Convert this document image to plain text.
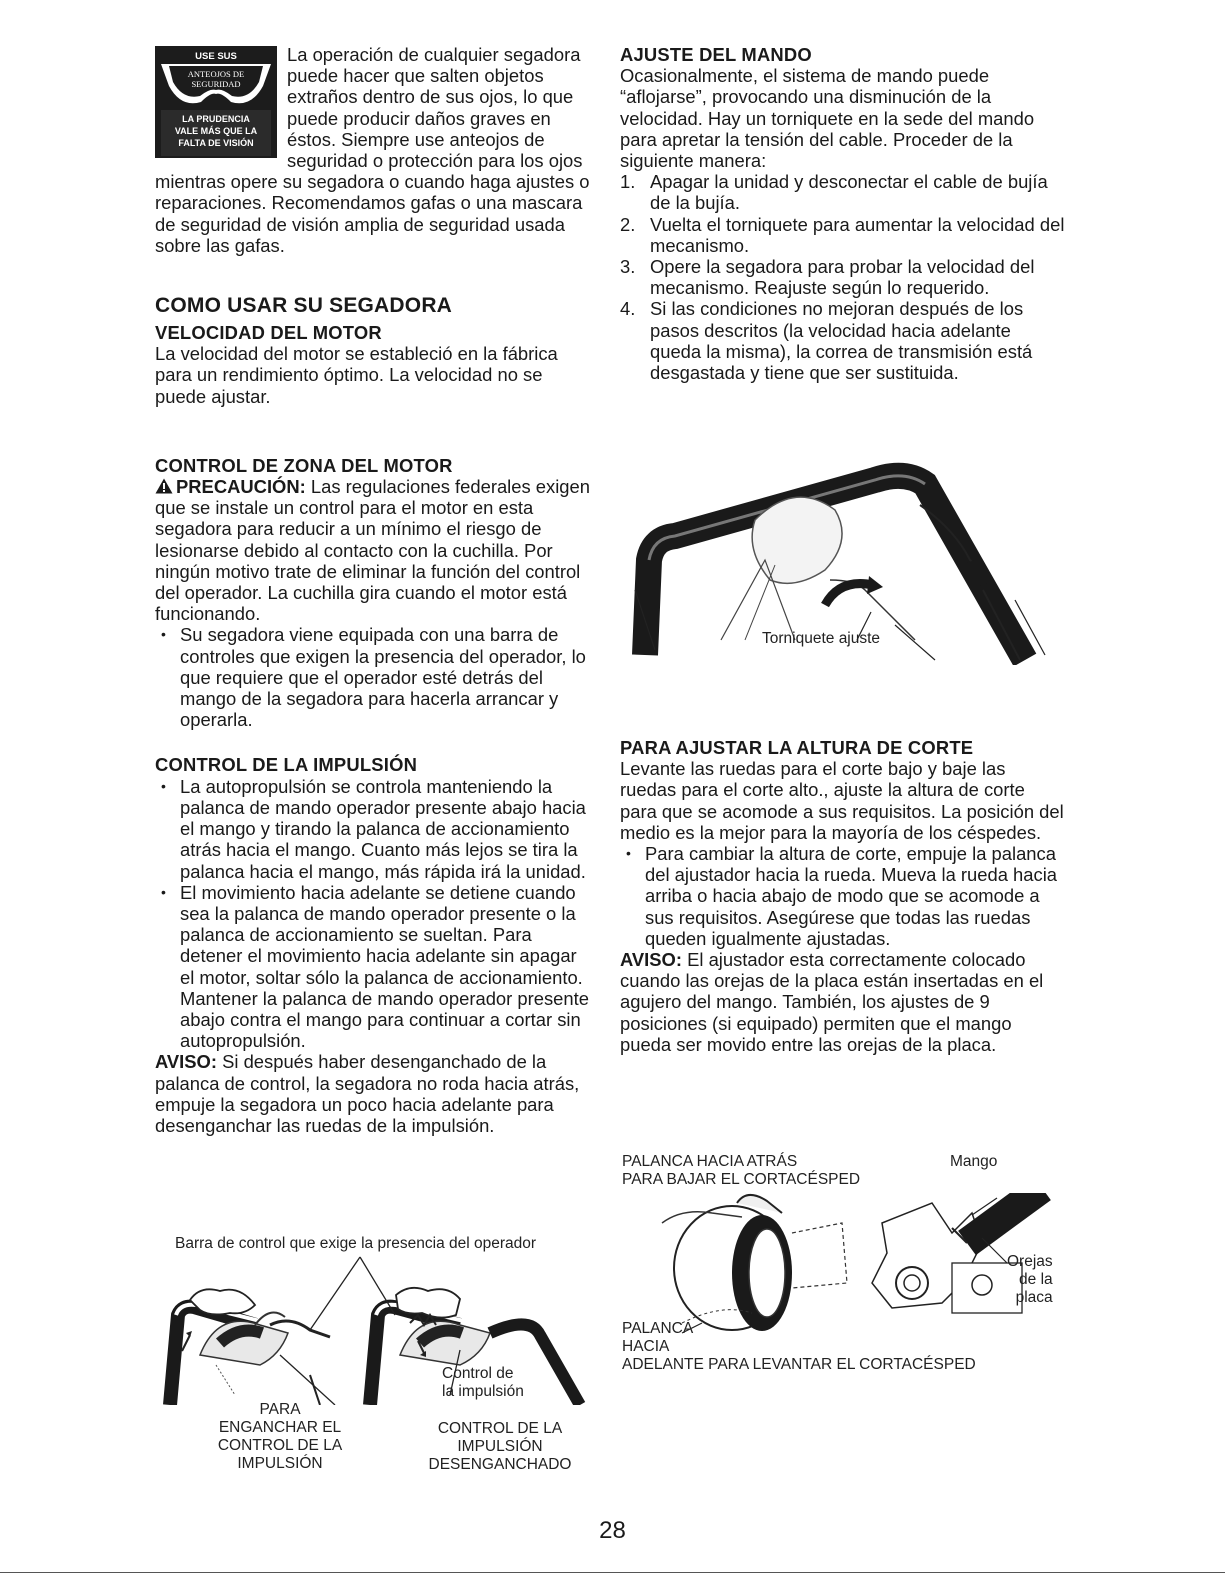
USE SUS
ANTEOJOS DE
SEGURIDAD
LA PRUDENCIA
VALE MÁS QUE LA
FALTA DE VISIÓN

La operación de cualquier segadora puede hacer que salten objetos extraños dentro de sus ojos, lo que puede producir daños graves en éstos. Siempre use anteojos de seguridad o protección para los ojos mientras opere su segadora o cuando haga ajustes o reparaciones. Recomendamos gafas o una mascara de seguridad de visión amplia de seguridad usada sobre las gafas.

COMO USAR SU SEGADORA
VELOCIDAD DEL MOTOR

La velocidad del motor se estableció en la fábrica para un rendimiento óptimo. La velocidad no se puede ajustar.

CONTROL DE ZONA DEL MOTOR

PRECAUCIÓN: Las regulaciones federales exigen que se instale un control para el motor en esta segadora para reducir a un mínimo el riesgo de lesionarse debido al contacto con la cuchilla. Por ningún motivo trate de eliminar la función del control del operador. La cuchilla gira cuando el motor está funcionando.

• Su segadora viene equipada con una barra de controles que exigen la presencia del operador, lo que requiere que el operador esté detrás del mango de la segadora para hacerla arrancar y operarla.
CONTROL DE LA IMPULSIÓN
• La autopropulsión se controla manteniendo la palanca de mando operador presente abajo hacia el mango y tirando la palanca de accionamiento atrás hacia el mango. Cuanto más lejos se tira la palanca hacia el mango, más rápida irá la unidad.
• El movimiento hacia adelante se detiene cuando sea la palanca de mando operador presente o la palanca de accionamiento se sueltan. Para detener el movimiento hacia adelante sin apagar el motor, soltar sólo la palanca de accionamiento. Mantener la palanca de mando operador presente abajo contra el mango para continuar a cortar sin autopropulsión.

AVISO: Si después haber desenganchado de la palanca de control, la segadora no roda hacia atrás, empuje la segadora un poco hacia adelante para desenganchar las ruedas de la impulsión.

Barra de control que exige la presencia del operador
Control de
la impulsión
PARA
ENGANCHAR EL
CONTROL DE LA
IMPULSIÓN
CONTROL DE LA
IMPULSIÓN
DESENGANCHADO
AJUSTE DEL MANDO

Ocasionalmente, el sistema de mando puede “aflojarse”, provocando una disminución de la velocidad. Hay un torniquete en la sede del mando para apretar la tensión del cable. Proceder de la siguiente manera:

1. Apagar la unidad y desconectar el cable de bujía de la bujía.
2. Vuelta el torniquete para aumentar la velocidad del mecanismo.
3. Opere la segadora para probar la velocidad del mecanismo. Reajuste según lo requerido.
4. Si las condiciones no mejoran después de los pasos descritos (la velocidad hacia adelante queda la misma), la correa de transmisión está desgastada y tiene que ser sustituida.
Torniquete ajuste
PARA AJUSTAR LA ALTURA DE CORTE

Levante las ruedas para el corte bajo y baje las ruedas para el corte alto., ajuste la altura de corte para que se acomode a sus requisitos. La posición del medio es la mejor para la mayoría de los céspedes.

• Para cambiar la altura de corte, empuje la palanca del ajustador hacia la rueda. Mueva la rueda hacia arriba o hacia abajo de modo que se acomode a sus requisitos. Asegúrese que todas las ruedas queden igualmente ajustadas.

AVISO: El ajustador esta correctamente colocado cuando las orejas de la placa están insertadas en el agujero del mango. También, los ajustes de 9 posiciones (si equipado) permiten que el mango pueda ser movido entre las orejas de la placa.

PALANCA HACIA ATRÁS
PARA BAJAR EL CORTACÉSPED
Mango
Orejas
de la
placa
PALANCA
HACIA
ADELANTE PARA LEVANTAR EL CORTACÉSPED
28
